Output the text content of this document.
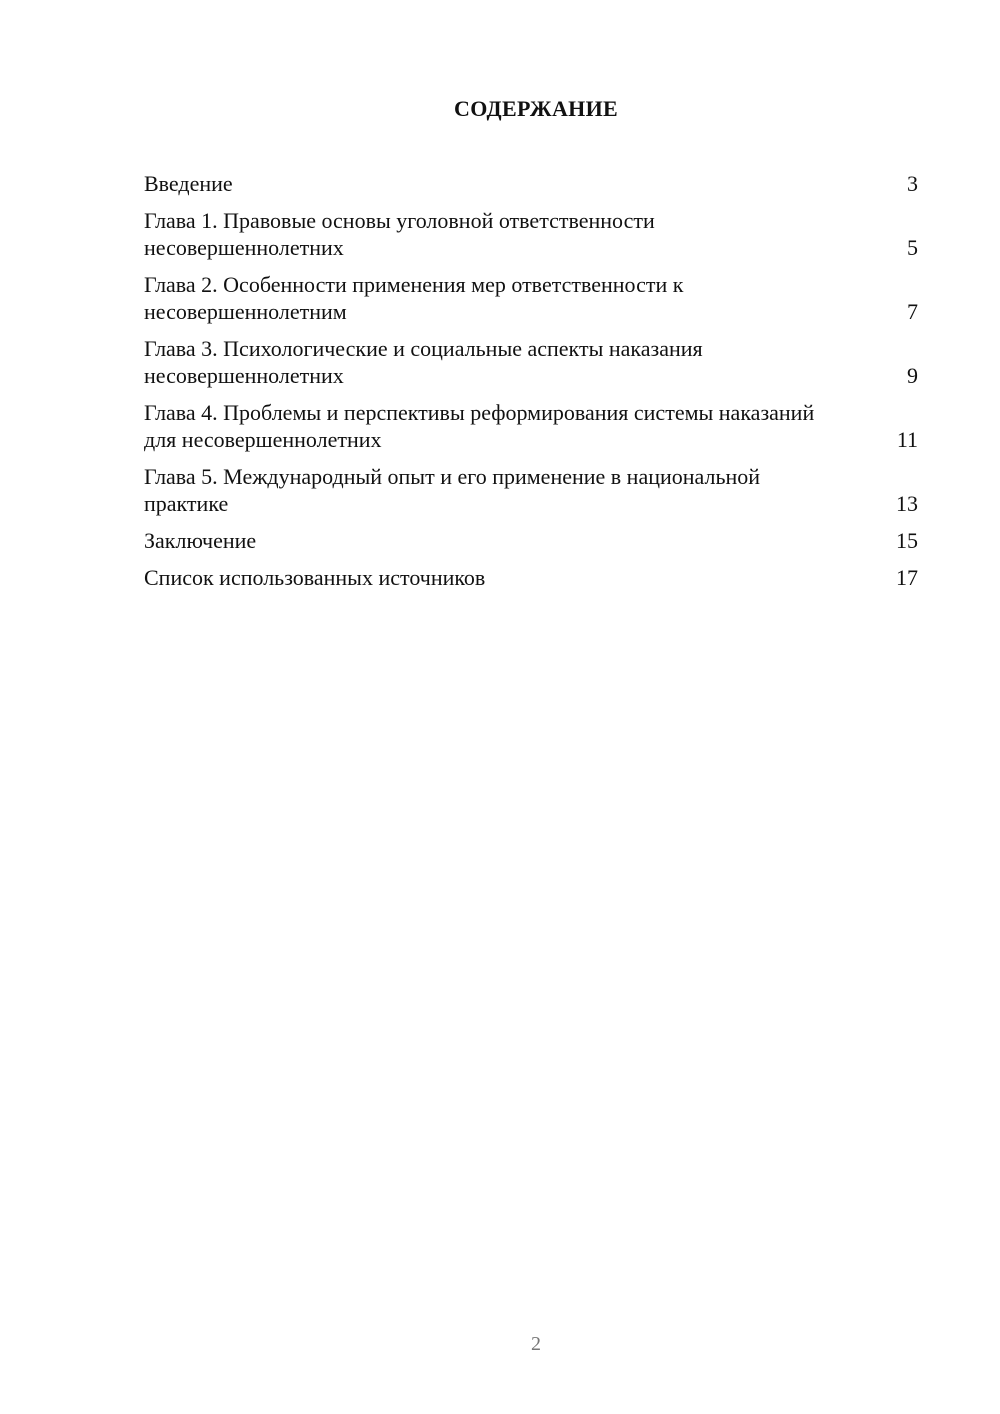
СОДЕРЖАНИЕ
Введение	3
Глава 1. Правовые основы уголовной ответственности несовершеннолетних	5
Глава 2. Особенности применения мер ответственности к несовершеннолетним	7
Глава 3. Психологические и социальные аспекты наказания несовершеннолетних	9
Глава 4. Проблемы и перспективы реформирования системы наказаний для несовершеннолетних	11
Глава 5. Международный опыт и его применение в национальной практике	13
Заключение	15
Список использованных источников	17
2
